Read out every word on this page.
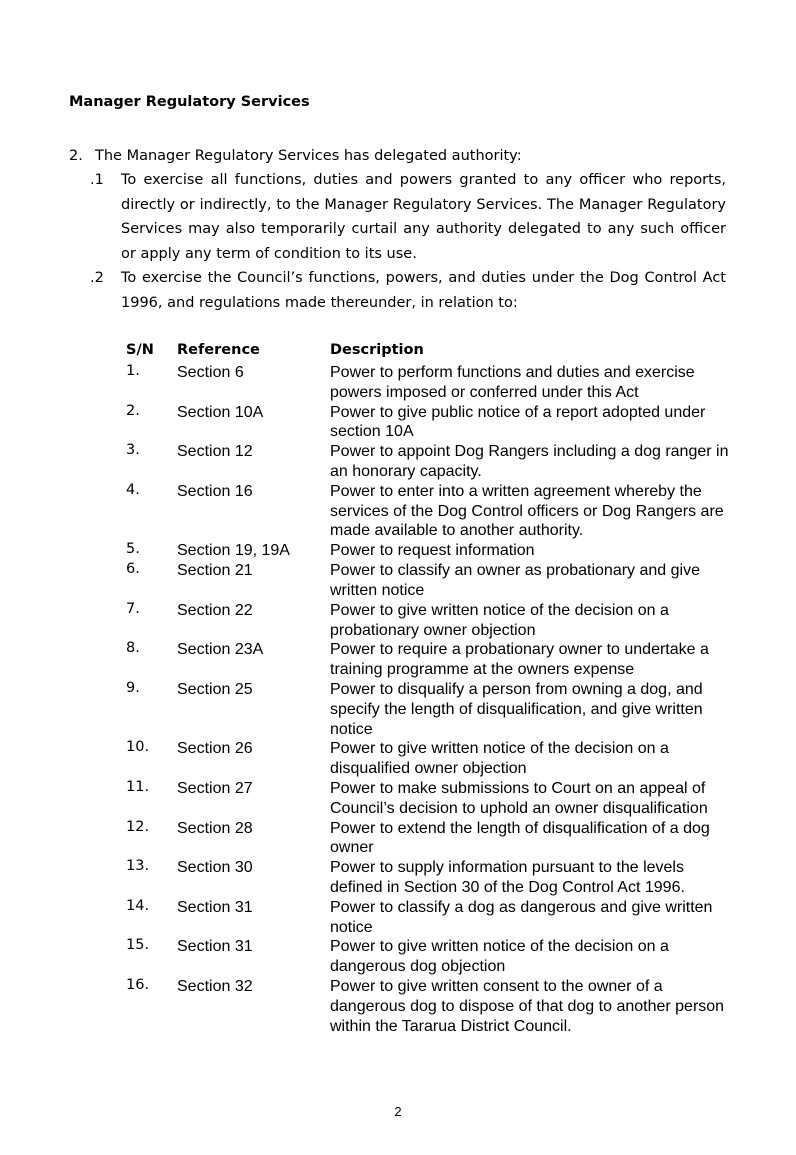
Manager Regulatory Services
2. The Manager Regulatory Services has delegated authority:
.1 To exercise all functions, duties and powers granted to any officer who reports, directly or indirectly, to the Manager Regulatory Services. The Manager Regulatory Services may also temporarily curtail any authority delegated to any such officer or apply any term of condition to its use.
.2 To exercise the Council’s functions, powers, and duties under the Dog Control Act 1996, and regulations made thereunder, in relation to:
S/N	Reference	Description
1.	Section 6	Power to perform functions and duties and exercise powers imposed or conferred under this Act
2.	Section 10A	Power to give public notice of a report adopted under section 10A
3.	Section 12	Power to appoint Dog Rangers including a dog ranger in an honorary capacity.
4.	Section 16	Power to enter into a written agreement whereby the services of the Dog Control officers or Dog Rangers are made available to another authority.
5.	Section 19, 19A	Power to request information
6.	Section 21	Power to classify an owner as probationary and give written notice
7.	Section 22	Power to give written notice of the decision on a probationary owner objection
8.	Section 23A	Power to require a probationary owner to undertake a training programme at the owners expense
9.	Section 25	Power to disqualify a person from owning a dog, and specify the length of disqualification, and give written notice
10.	Section 26	Power to give written notice of the decision on a disqualified owner objection
11.	Section 27	Power to make submissions to Court on an appeal of Council’s decision to uphold an owner disqualification
12.	Section 28	Power to extend the length of disqualification of a dog owner
13.	Section 30	Power to supply information pursuant to the levels defined in Section 30 of the Dog Control Act 1996.
14.	Section 31	Power to classify a dog as dangerous and give written notice
15.	Section 31	Power to give written notice of the decision on a dangerous dog objection
16.	Section 32	Power to give written consent to the owner of a dangerous dog to dispose of that dog to another person within the Tararua District Council.
2
